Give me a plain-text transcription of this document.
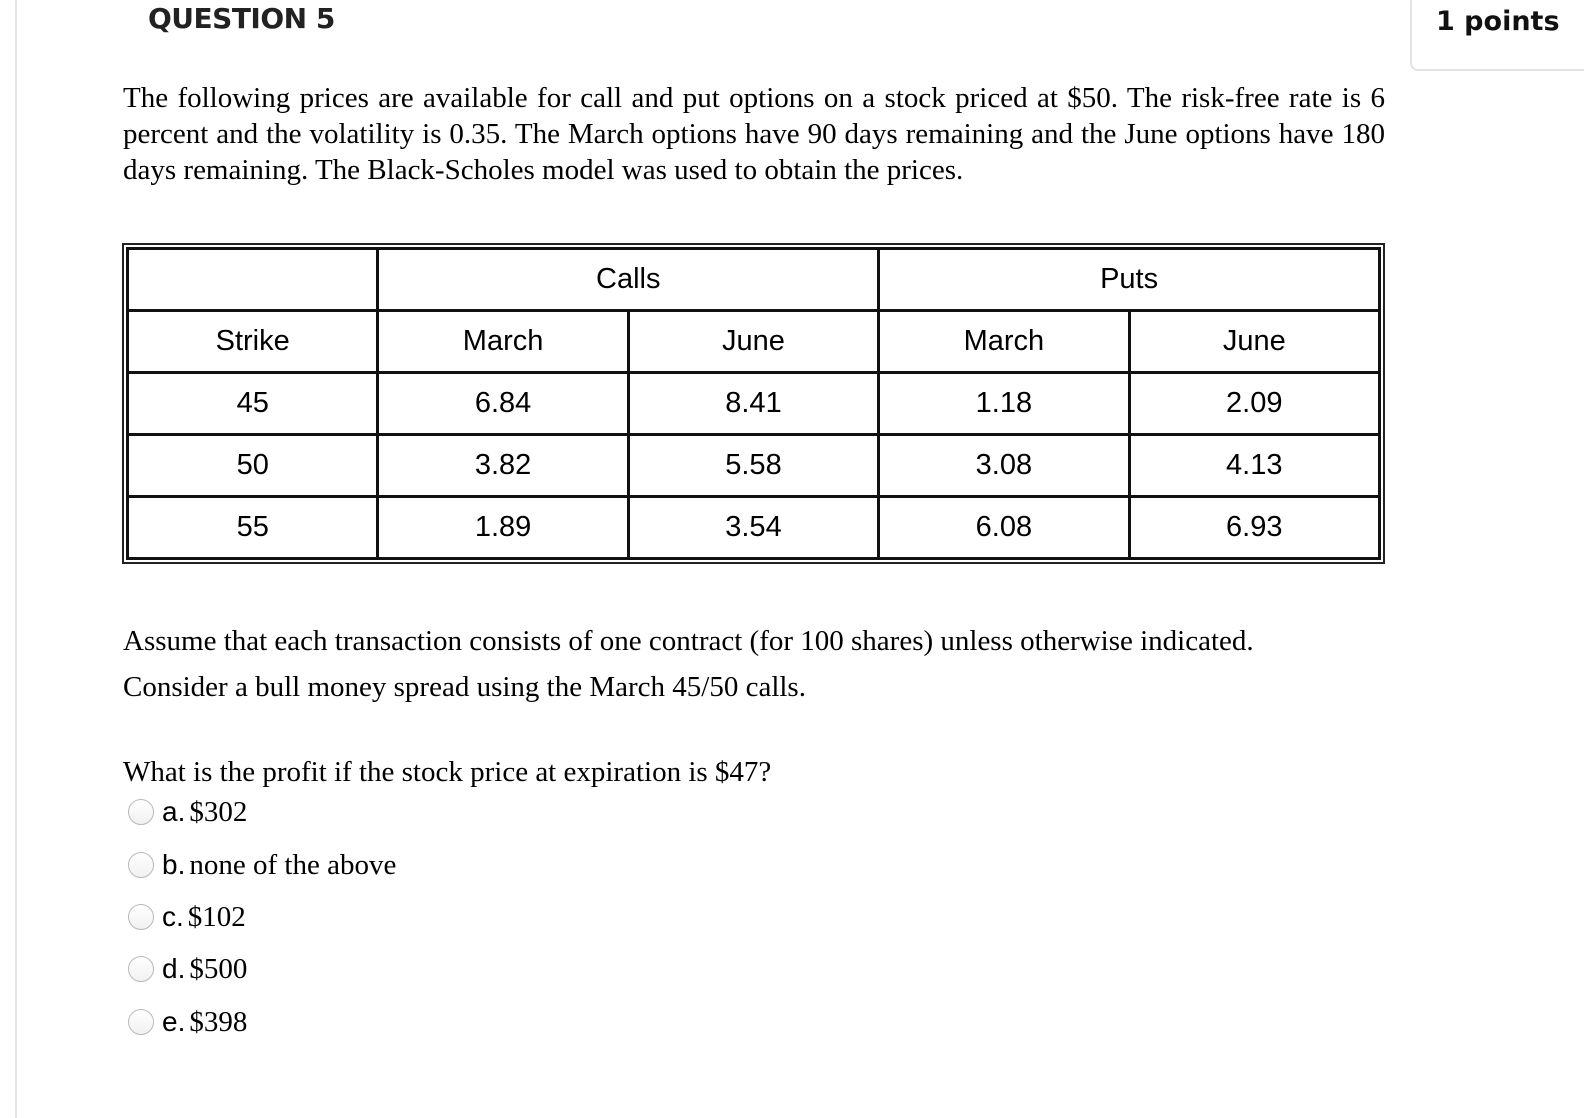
QUESTION 5	1 points

The following prices are available for call and put options on a stock priced at $50. The risk-free rate is 6 percent and the volatility is 0.35. The March options have 90 days remaining and the June options have 180 days remaining. The Black-Scholes model was used to obtain the prices.

	Calls		Puts	
Strike	March	June	March	June
45	6.84	8.41	1.18	2.09
50	3.82	5.58	3.08	4.13
55	1.89	3.54	6.08	6.93
Assume that each transaction consists of one contract (for 100 shares) unless otherwise indicated.
Consider a bull money spread using the March 45/50 calls.
What is the profit if the stock price at expiration is $47?
a. $302
b. none of the above
c. $102
d. $500
e. $398
